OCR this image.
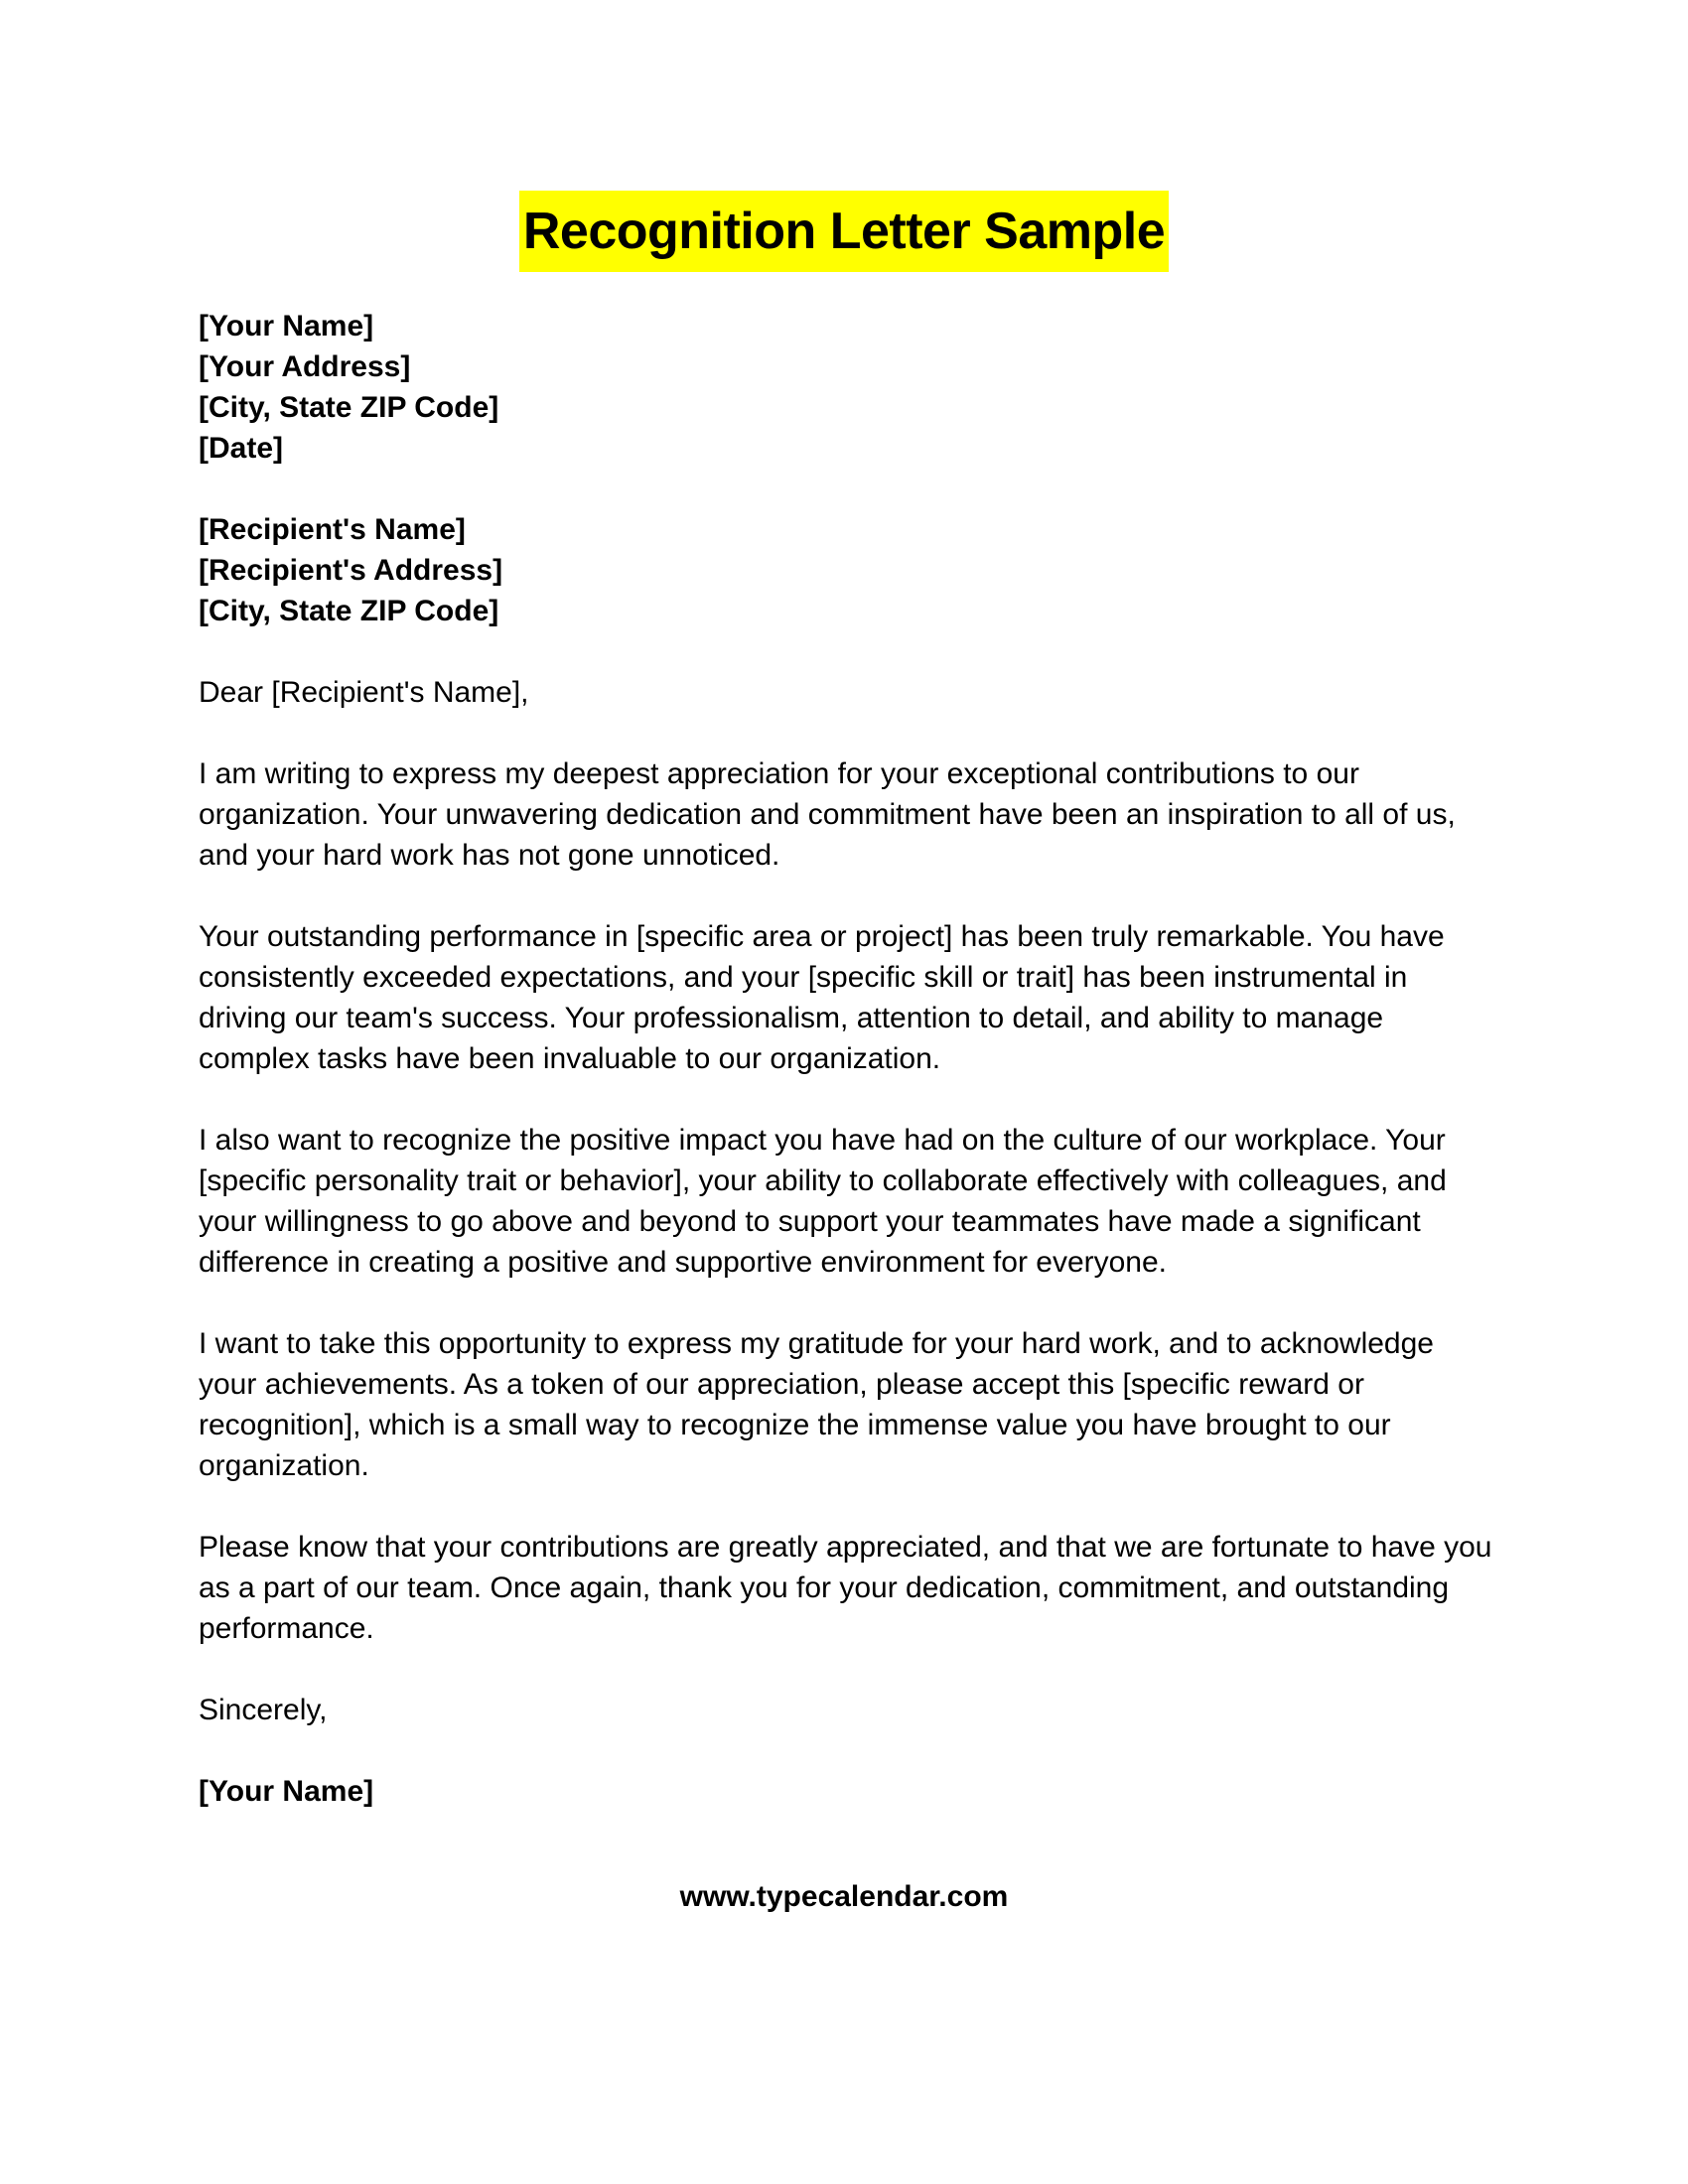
Recognition Letter Sample

[Your Name]

[Your Address]

[City, State ZIP Code]

[Date]

[Recipient's Name]

[Recipient's Address]

[City, State ZIP Code]

Dear [Recipient's Name],

I am writing to express my deepest appreciation for your exceptional contributions to our organization. Your unwavering dedication and commitment have been an inspiration to all of us, and your hard work has not gone unnoticed.

Your outstanding performance in [specific area or project] has been truly remarkable. You have consistently exceeded expectations, and your [specific skill or trait] has been instrumental in driving our team's success. Your professionalism, attention to detail, and ability to manage complex tasks have been invaluable to our organization.

I also want to recognize the positive impact you have had on the culture of our workplace. Your [specific personality trait or behavior], your ability to collaborate effectively with colleagues, and your willingness to go above and beyond to support your teammates have made a significant difference in creating a positive and supportive environment for everyone.

I want to take this opportunity to express my gratitude for your hard work, and to acknowledge your achievements. As a token of our appreciation, please accept this [specific reward or recognition], which is a small way to recognize the immense value you have brought to our organization.

Please know that your contributions are greatly appreciated, and that we are fortunate to have you as a part of our team. Once again, thank you for your dedication, commitment, and outstanding performance.

Sincerely,

[Your Name]

www.typecalendar.com
